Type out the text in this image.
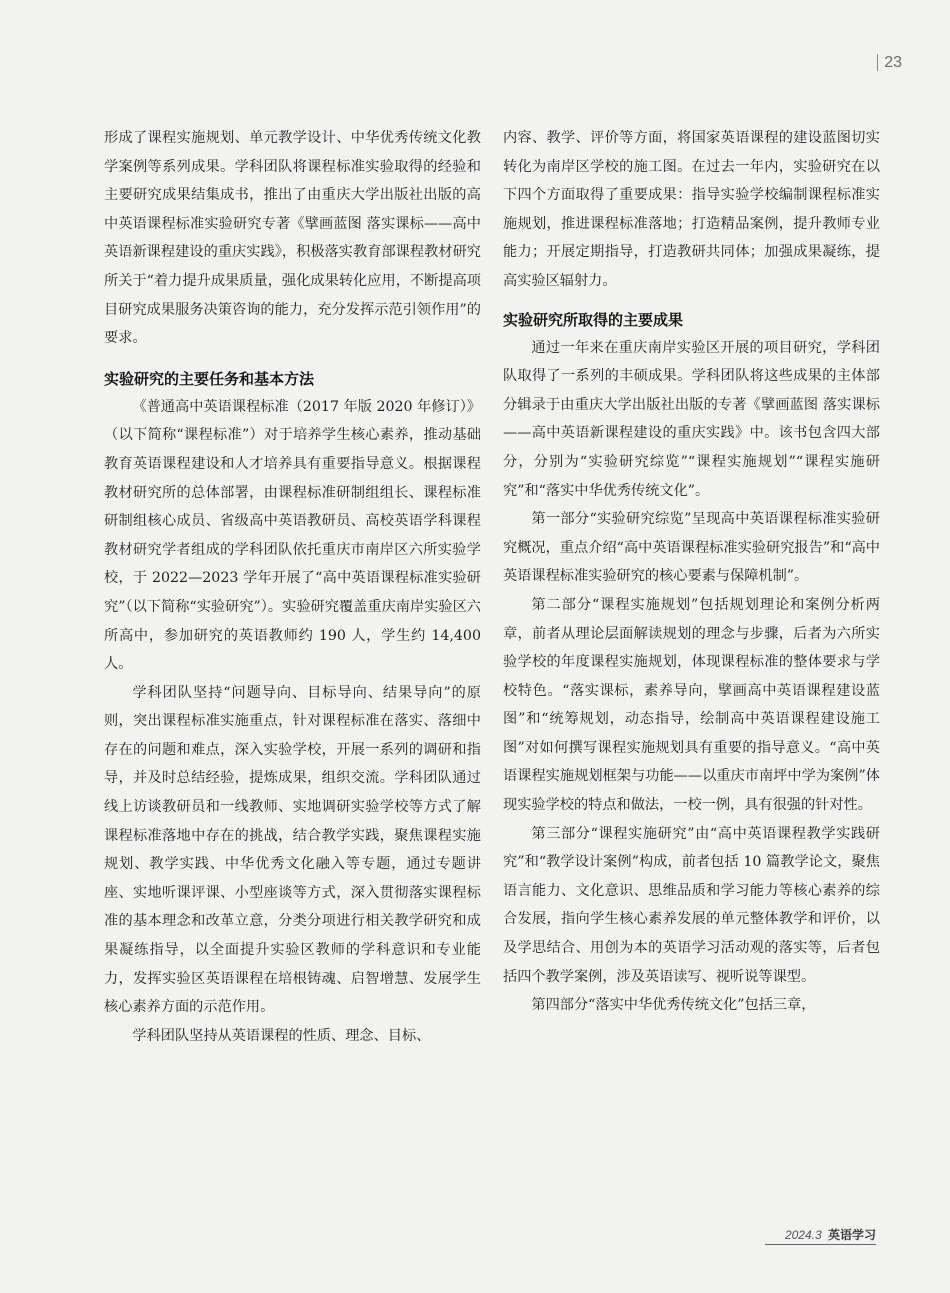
23

形成了课程实施规划、单元教学设计、中华优秀传统文化教学案例等系列成果。学科团队将课程标准实验取得的经验和主要研究成果结集成书，推出了由重庆大学出版社出版的高中英语课程标准实验研究专著《擘画蓝图 落实课标——高中英语新课程建设的重庆实践》，积极落实教育部课程教材研究所关于“着力提升成果质量，强化成果转化应用，不断提高项目研究成果服务决策咨询的能力，充分发挥示范引领作用”的要求。

实验研究的主要任务和基本方法

《普通高中英语课程标准（2017 年版 2020 年修订）》（以下简称“课程标准”）对于培养学生核心素养，推动基础教育英语课程建设和人才培养具有重要指导意义。根据课程教材研究所的总体部署，由课程标准研制组组长、课程标准研制组核心成员、省级高中英语教研员、高校英语学科课程教材研究学者组成的学科团队依托重庆市南岸区六所实验学校，于 2022—2023 学年开展了“高中英语课程标准实验研究”（以下简称“实验研究”）。实验研究覆盖重庆南岸实验区六所高中，参加研究的英语教师约 190 人，学生约 14,400 人。

学科团队坚持“问题导向、目标导向、结果导向”的原则，突出课程标准实施重点，针对课程标准在落实、落细中存在的问题和难点，深入实验学校，开展一系列的调研和指导，并及时总结经验，提炼成果，组织交流。学科团队通过线上访谈教研员和一线教师、实地调研实验学校等方式了解课程标准落地中存在的挑战，结合教学实践，聚焦课程实施规划、教学实践、中华优秀文化融入等专题，通过专题讲座、实地听课评课、小型座谈等方式，深入贯彻落实课程标准的基本理念和改革立意，分类分项进行相关教学研究和成果凝练指导，以全面提升实验区教师的学科意识和专业能力，发挥实验区英语课程在培根铸魂、启智增慧、发展学生核心素养方面的示范作用。

学科团队坚持从英语课程的性质、理念、目标、

内容、教学、评价等方面，将国家英语课程的建设蓝图切实转化为南岸区学校的施工图。在过去一年内，实验研究在以下四个方面取得了重要成果：指导实验学校编制课程标准实施规划，推进课程标准落地；打造精品案例，提升教师专业能力；开展定期指导，打造教研共同体；加强成果凝练，提高实验区辐射力。

实验研究所取得的主要成果

通过一年来在重庆南岸实验区开展的项目研究，学科团队取得了一系列的丰硕成果。学科团队将这些成果的主体部分辑录于由重庆大学出版社出版的专著《擘画蓝图 落实课标——高中英语新课程建设的重庆实践》中。该书包含四大部分，分别为“实验研究综览”“课程实施规划”“课程实施研究”和“落实中华优秀传统文化”。

第一部分“实验研究综览”呈现高中英语课程标准实验研究概况，重点介绍“高中英语课程标准实验研究报告”和“高中英语课程标准实验研究的核心要素与保障机制”。

第二部分“课程实施规划”包括规划理论和案例分析两章，前者从理论层面解读规划的理念与步骤，后者为六所实验学校的年度课程实施规划，体现课程标准的整体要求与学校特色。“落实课标，素养导向，擘画高中英语课程建设蓝图”和“统筹规划，动态指导，绘制高中英语课程建设施工图”对如何撰写课程实施规划具有重要的指导意义。“高中英语课程实施规划框架与功能——以重庆市南坪中学为案例”体现实验学校的特点和做法，一校一例，具有很强的针对性。

第三部分“课程实施研究”由“高中英语课程教学实践研究”和“教学设计案例”构成，前者包括 10 篇教学论文，聚焦语言能力、文化意识、思维品质和学习能力等核心素养的综合发展，指向学生核心素养发展的单元整体教学和评价，以及学思结合、用创为本的英语学习活动观的落实等，后者包括四个教学案例，涉及英语读写、视听说等课型。

第四部分“落实中华优秀传统文化”包括三章，

2024.3 英语学习
